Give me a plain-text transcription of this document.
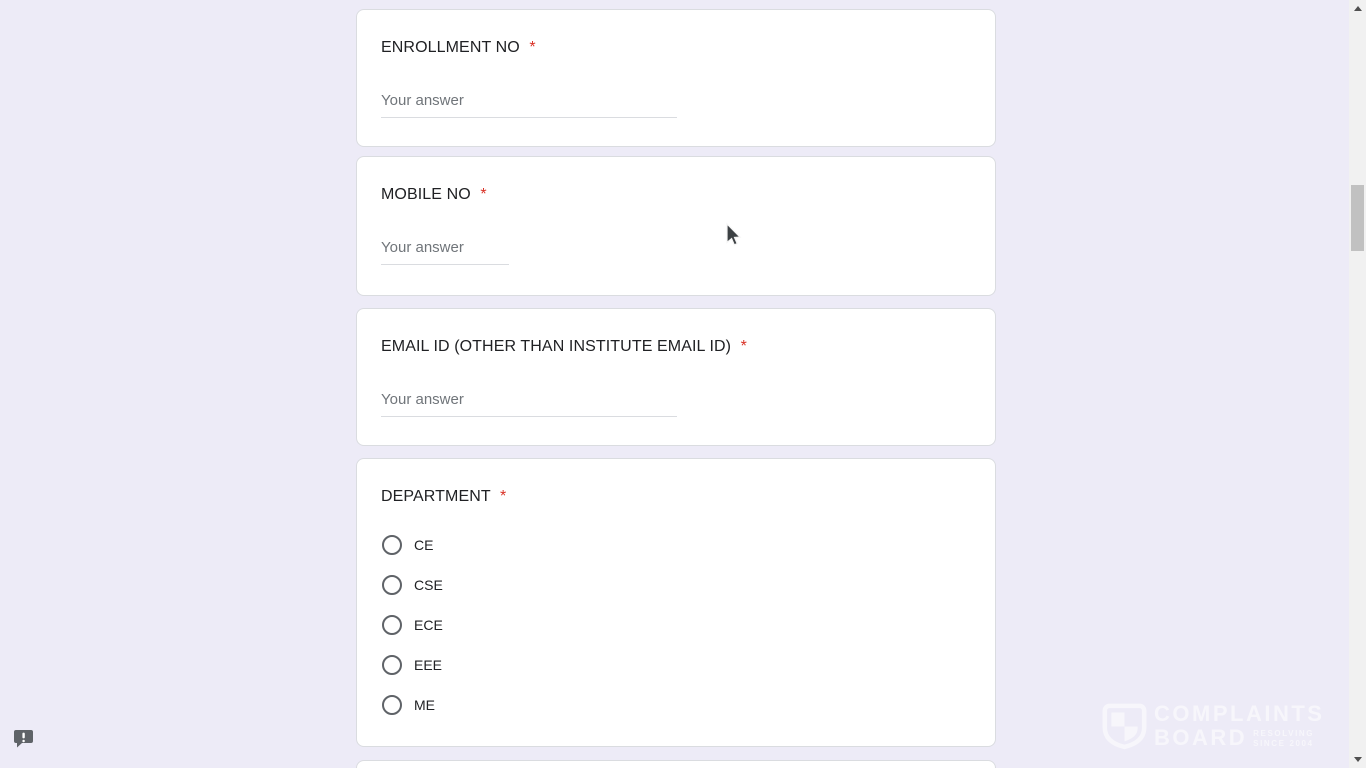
ENROLLMENT NO *
Your answer
MOBILE NO *
Your answer
EMAIL ID (OTHER THAN INSTITUTE EMAIL ID) *
Your answer
DEPARTMENT *
CE
CSE
ECE
EEE
ME	COMPLAINTS
BOARD RESOLVING
SINCE 2004
